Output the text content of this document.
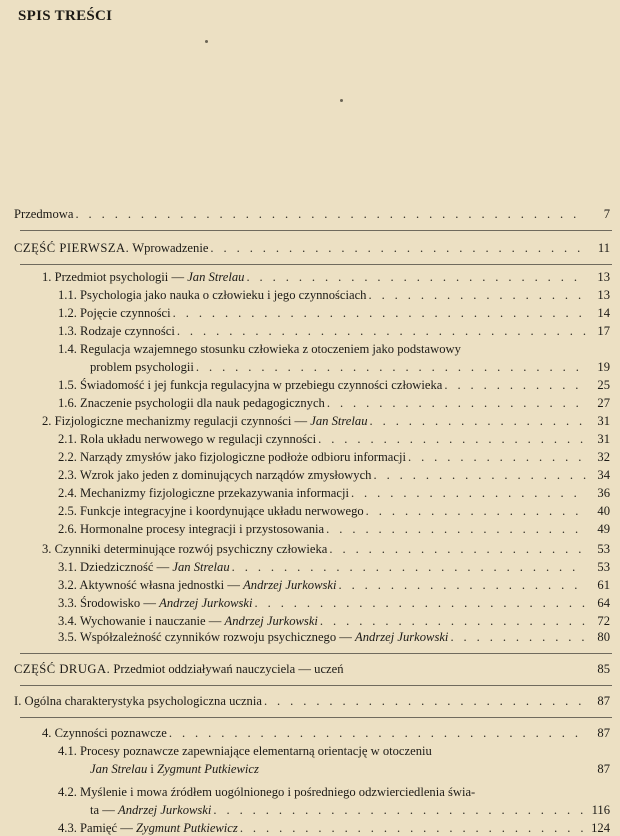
SPIS TREŚCI
Przedmowa . . .	7
CZĘŚĆ PIERWSZA. Wprowadzenie . . .	11
1. Przedmiot psychologii — Jan Strelau . . .	13
1.1. Psychologia jako nauka o człowieku i jego czynnościach . . .	13
1.2. Pojęcie czynności . . .	14
1.3. Rodzaje czynności . . .	17
1.4. Regulacja wzajemnego stosunku człowieka z otoczeniem jako podstawowy
problem psychologii . . .	19
1.5. Świadomość i jej funkcja regulacyjna w przebiegu czynności człowieka . . .	25
1.6. Znaczenie psychologii dla nauk pedagogicznych . . .	27
2. Fizjologiczne mechanizmy regulacji czynności — Jan Strelau . . .	31
2.1. Rola układu nerwowego w regulacji czynności . . .	31
2.2. Narządy zmysłów jako fizjologiczne podłoże odbioru informacji . . .	32
2.3. Wzrok jako jeden z dominujących narządów zmysłowych . . .	34
2.4. Mechanizmy fizjologiczne przekazywania informacji . . .	36
2.5. Funkcje integracyjne i koordynujące układu nerwowego . . .	40
2.6. Hormonalne procesy integracji i przystosowania . . .	49
3. Czynniki determinujące rozwój psychiczny człowieka . . .	53
3.1. Dziedziczność — Jan Strelau . . .	53
3.2. Aktywność własna jednostki — Andrzej Jurkowski . . .	61
3.3. Środowisko — Andrzej Jurkowski . . .	64
3.4. Wychowanie i nauczanie — Andrzej Jurkowski . . .	72
3.5. Współzależność czynników rozwoju psychicznego — Andrzej Jurkowski . . .	80
CZĘŚĆ DRUGA. Przedmiot oddziaływań nauczyciela — uczeń	85
I. Ogólna charakterystyka psychologiczna ucznia . . .	87
4. Czynności poznawcze . . .	87
4.1. Procesy poznawcze zapewniające elementarną orientację w otoczeniu
Jan Strelau i Zygmunt Putkiewicz	87
4.2. Myślenie i mowa źródłem uogólnionego i pośredniego odzwierciedlenia świa-
ta — Andrzej Jurkowski . . .	116
4.3. Pamięć — Zygmunt Putkiewicz . . .	124
